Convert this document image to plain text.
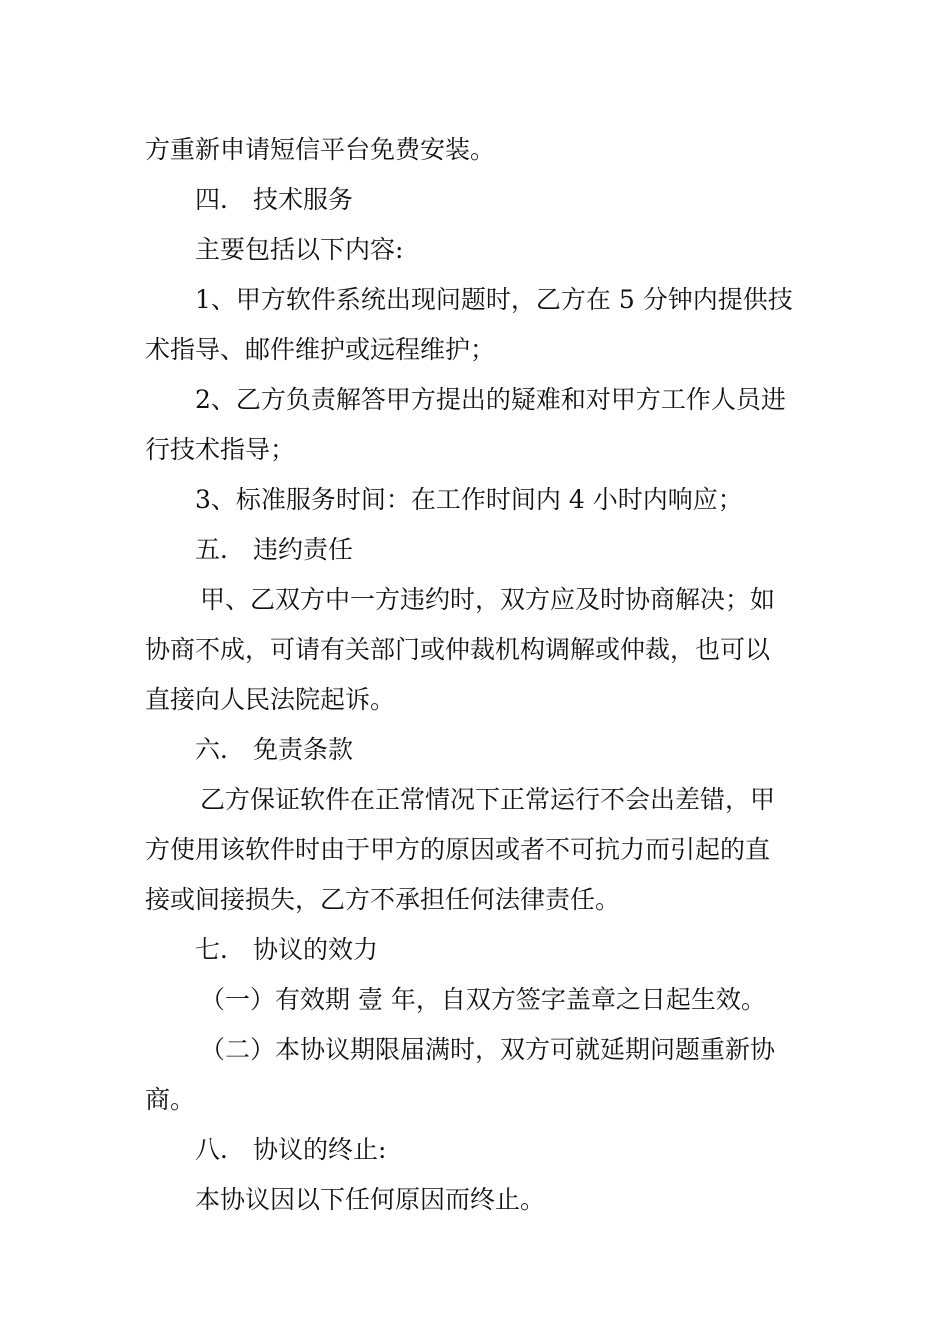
方重新申请短信平台免费安装。
四． 技术服务
主要包括以下内容:
1、甲方软件系统出现问题时，乙方在 5 分钟内提供技
术指导、邮件维护或远程维护；
2、乙方负责解答甲方提出的疑难和对甲方工作人员进
行技术指导；
3、标准服务时间：在工作时间内 4 小时内响应；
五． 违约责任
甲、乙双方中一方违约时，双方应及时协商解决；如
协商不成，可请有关部门或仲裁机构调解或仲裁，也可以
直接向人民法院起诉。
六． 免责条款
乙方保证软件在正常情况下正常运行不会出差错，甲
方使用该软件时由于甲方的原因或者不可抗力而引起的直
接或间接损失，乙方不承担任何法律责任。
七． 协议的效力
（一）有效期 壹 年，自双方签字盖章之日起生效。
（二）本协议期限届满时，双方可就延期问题重新协
商。
八． 协议的终止:
本协议因以下任何原因而终止。
